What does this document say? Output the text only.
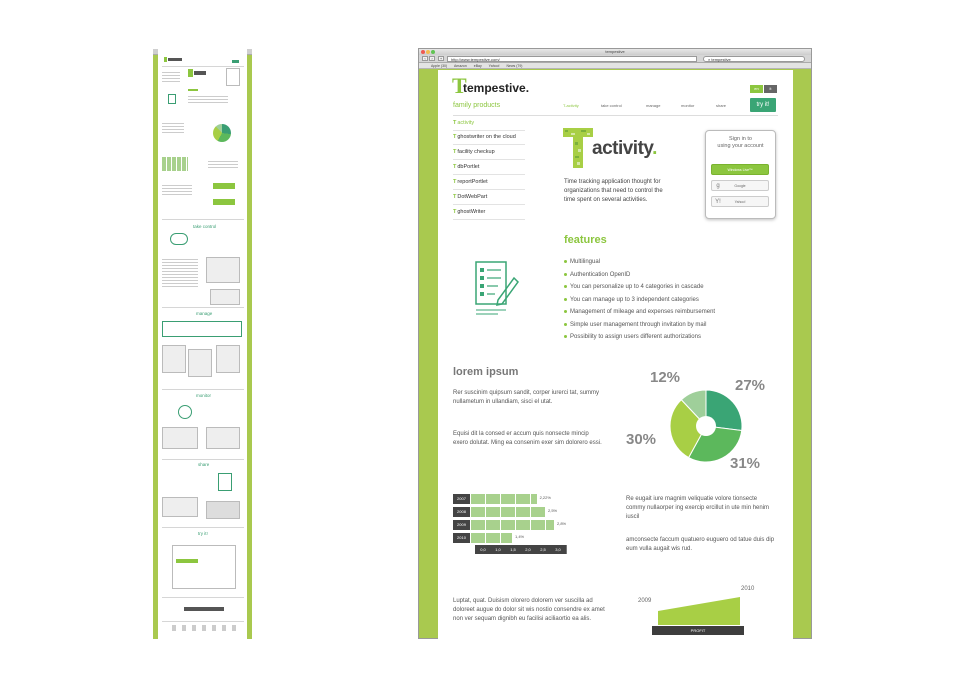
take control
manage
monitor
share
try it!
tempestive
‹	›	+	http://www.tempestive.com/	⌕ tempestive
Apple (30) Amazon eBay Yahoo! News (79)
T
tempestive.	en	it
family products	T-activity	take control	manage	monitor	share	try it!
Tactivity
Tghostwriter on the cloud
Tfacility checkup
TdbPortlet
TreportPortlet
TDotWebPart
TghostWriter
activity.
Time tracking application thought for organizations that need to control the time spent on several activities.
Sign in to
using your account
Windows Live™
g	Google
Y!	Yahoo!
features
Multilingual
Authentication OpenID
You can personalize up to 4 categories in cascade
You can manage up to 3 independent categories
Management of mileage and expenses reimbursement
Simple user management through invitation by mail
Possibility to assign users different authorizations
lorem ipsum
Rer suscinim quipsum sandit, corper iurerci tat, summy nullametum in ullandiam, sisci el utat.
Equisi dit la consed er accum quis nonsecte mincip exero dolutat. Ming ea consenim exer sim dolorero essi.
27%
31%
30%
12%
2007	2,22%
2008	2,5%
2009	2,8%
2010	1,4%
0,0	1,0	1,5	2,0	2,5	3,0
Re eugait iure magnim veliquatie volore tionsecte commy nullaorper ing exercip ercillut in ute min henim iuscil
amconsecte faccum quatuero euguero od tatue duis dip eum vulla augait wis rud.
Luptat, quat. Duisism olorero dolorem ver suscilla ad doloreet augue do dolor sit wis nostio consendre ex amet non ver sequam dignibh eu facilisi aciliaortio ea alis.
2009
2010
PROFIT
